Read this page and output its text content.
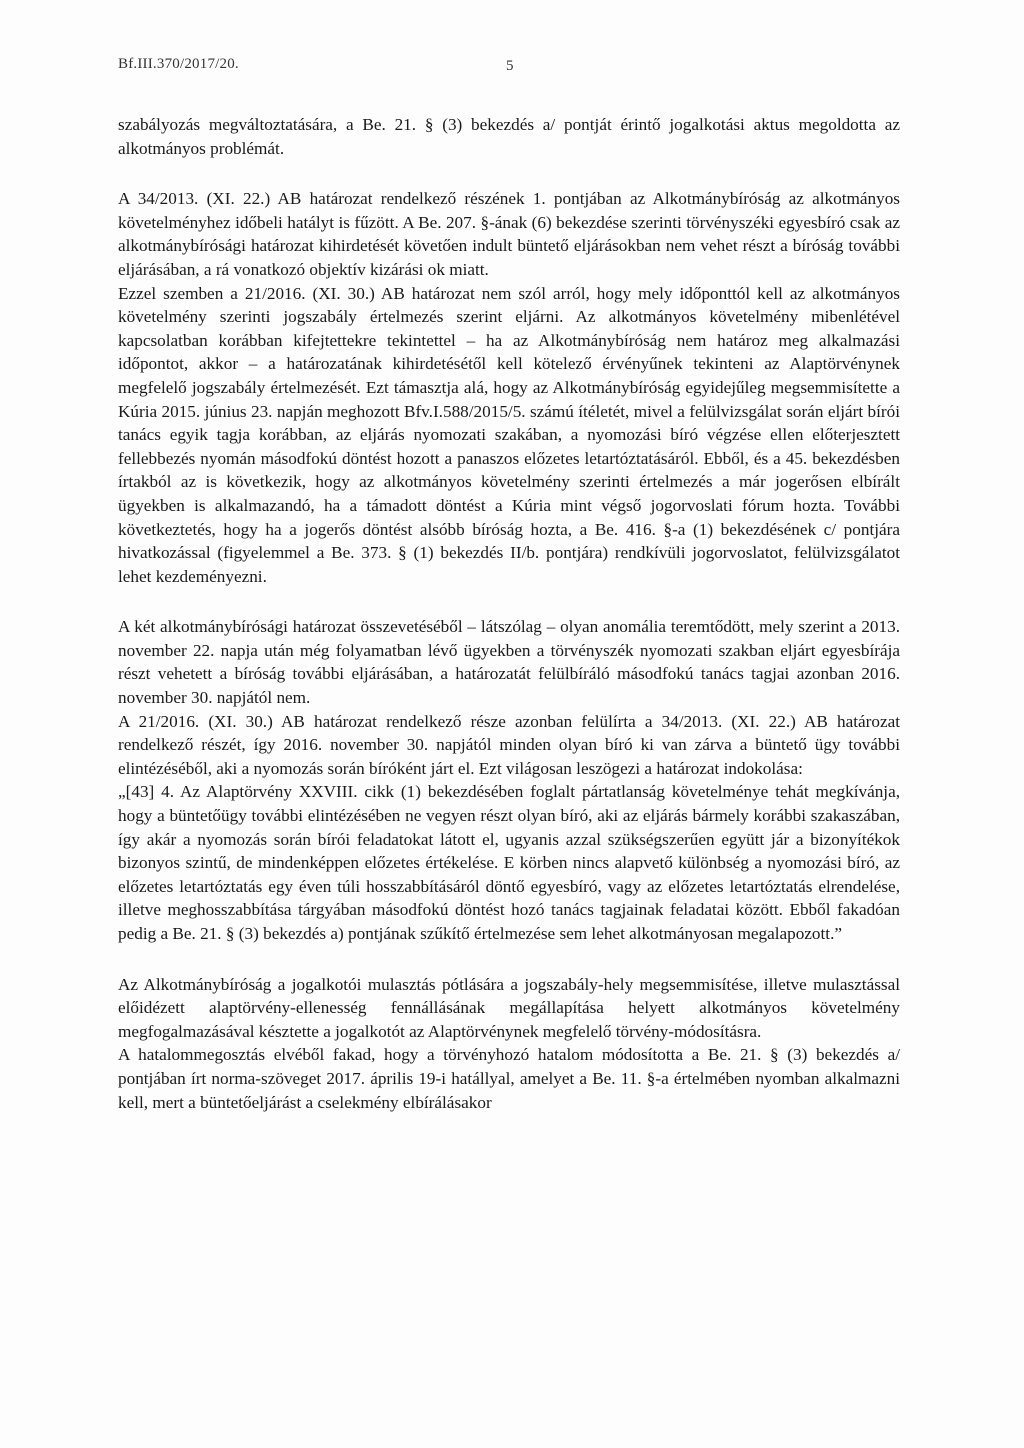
Bf.III.370/2017/20.	5

szabályozás megváltoztatására, a Be. 21. § (3) bekezdés a/ pontját érintő jogalkotási aktus megoldotta az alkotmányos problémát.

A 34/2013. (XI. 22.) AB határozat rendelkező részének 1. pontjában az Alkotmánybíróság az alkotmányos követelményhez időbeli hatályt is fűzött. A Be. 207. §-ának (6) bekezdése szerinti törvényszéki egyesbíró csak az alkotmánybírósági határozat kihirdetését követően indult büntető eljárásokban nem vehet részt a bíróság további eljárásában, a rá vonatkozó objektív kizárási ok miatt.

Ezzel szemben a 21/2016. (XI. 30.) AB határozat nem szól arról, hogy mely időponttól kell az alkotmányos követelmény szerinti jogszabály értelmezés szerint eljárni. Az alkotmányos követelmény mibenlétével kapcsolatban korábban kifejtettekre tekintettel – ha az Alkotmánybíróság nem határoz meg alkalmazási időpontot, akkor – a határozatának kihirdetésétől kell kötelező érvényűnek tekinteni az Alaptörvénynek megfelelő jogszabály értelmezését. Ezt támasztja alá, hogy az Alkotmánybíróság egyidejűleg megsemmisítette a Kúria 2015. június 23. napján meghozott Bfv.I.588/2015/5. számú ítéletét, mivel a felülvizsgálat során eljárt bírói tanács egyik tagja korábban, az eljárás nyomozati szakában, a nyomozási bíró végzése ellen előterjesztett fellebbezés nyomán másodfokú döntést hozott a panaszos előzetes letartóztatásáról. Ebből, és a 45. bekezdésben írtakból az is következik, hogy az alkotmányos követelmény szerinti értelmezés a már jogerősen elbírált ügyekben is alkalmazandó, ha a támadott döntést a Kúria mint végső jogorvoslati fórum hozta. További következtetés, hogy ha a jogerős döntést alsóbb bíróság hozta, a Be. 416. §-a (1) bekezdésének c/ pontjára hivatkozással (figyelemmel a Be. 373. § (1) bekezdés II/b. pontjára) rendkívüli jogorvoslatot, felülvizsgálatot lehet kezdeményezni.

A két alkotmánybírósági határozat összevetéséből – látszólag – olyan anomália teremtődött, mely szerint a 2013. november 22. napja után még folyamatban lévő ügyekben a törvényszék nyomozati szakban eljárt egyesbírája részt vehetett a bíróság további eljárásában, a határozatát felülbíráló másodfokú tanács tagjai azonban 2016. november 30. napjától nem.

A 21/2016. (XI. 30.) AB határozat rendelkező része azonban felülírta a 34/2013. (XI. 22.) AB határozat rendelkező részét, így 2016. november 30. napjától minden olyan bíró ki van zárva a büntető ügy további elintézéséből, aki a nyomozás során bíróként járt el. Ezt világosan leszögezi a határozat indokolása:

„[43] 4. Az Alaptörvény XXVIII. cikk (1) bekezdésében foglalt pártatlanság követelménye tehát megkívánja, hogy a büntetőügy további elintézésében ne vegyen részt olyan bíró, aki az eljárás bármely korábbi szakaszában, így akár a nyomozás során bírói feladatokat látott el, ugyanis azzal szükségszerűen együtt jár a bizonyítékok bizonyos szintű, de mindenképpen előzetes értékelése. E körben nincs alapvető különbség a nyomozási bíró, az előzetes letartóztatás egy éven túli hosszabbításáról döntő egyesbíró, vagy az előzetes letartóztatás elrendelése, illetve meghosszabbítása tárgyában másodfokú döntést hozó tanács tagjainak feladatai között. Ebből fakadóan pedig a Be. 21. § (3) bekezdés a) pontjának szűkítő értelmezése sem lehet alkotmányosan megalapozott.”

Az Alkotmánybíróság a jogalkotói mulasztás pótlására a jogszabály-hely megsemmisítése, illetve mulasztással előidézett alaptörvény-ellenesség fennállásának megállapítása helyett alkotmányos követelmény megfogalmazásával késztette a jogalkotót az Alaptörvénynek megfelelő törvény-módosításra.

A hatalommegosztás elvéből fakad, hogy a törvényhozó hatalom módosította a Be. 21. § (3) bekezdés a/ pontjában írt norma-szöveget 2017. április 19-i hatállyal, amelyet a Be. 11. §-a értelmében nyomban alkalmazni kell, mert a büntetőeljárást a cselekmény elbírálásakor
